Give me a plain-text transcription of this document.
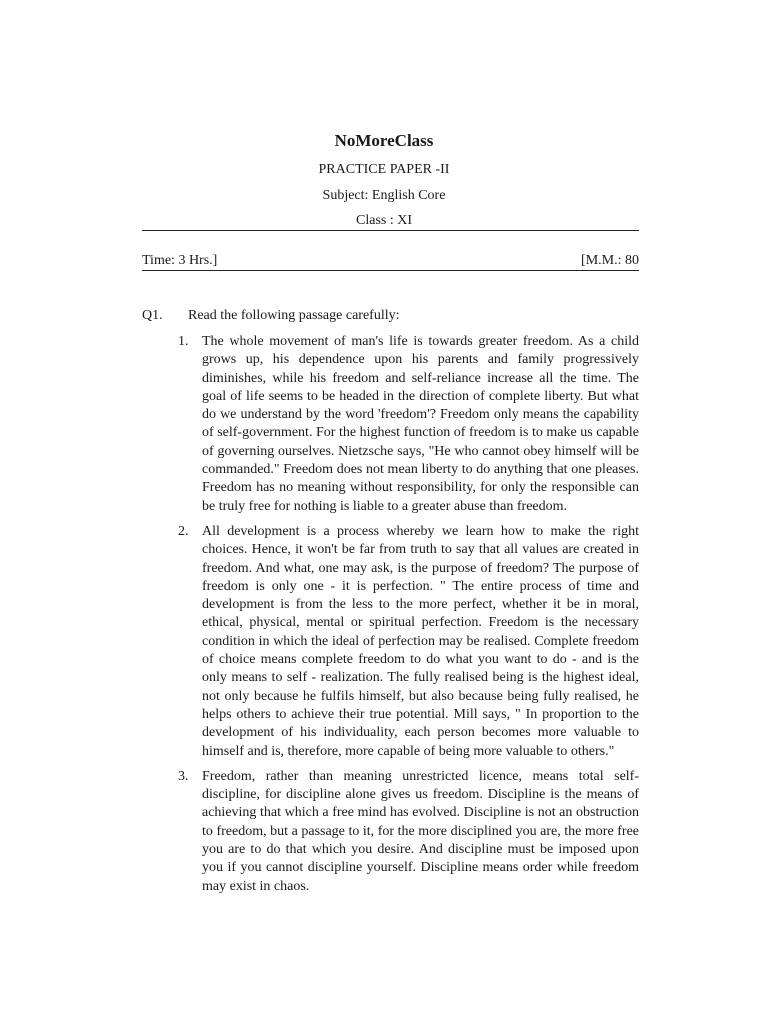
NoMoreClass
PRACTICE PAPER -II
Subject: English Core
Class : XI
Time: 3 Hrs.]	[M.M.: 80
Q1. Read the following passage carefully:
1. The whole movement of man's life is towards greater freedom. As a child grows up, his dependence upon his parents and family progressively diminishes, while his freedom and self-reliance increase all the time. The goal of life seems to be headed in the direction of complete liberty. But what do we understand by the word 'freedom'? Freedom only means the capability of self-government. For the highest function of freedom is to make us capable of governing ourselves. Nietzsche says, "He who cannot obey himself will be commanded." Freedom does not mean liberty to do anything that one pleases. Freedom has no meaning without responsibility, for only the responsible can be truly free for nothing is liable to a greater abuse than freedom.
2. All development is a process whereby we learn how to make the right choices. Hence, it won't be far from truth to say that all values are created in freedom. And what, one may ask, is the purpose of freedom? The purpose of freedom is only one - it is perfection. " The entire process of time and development is from the less to the more perfect, whether it be in moral, ethical, physical, mental or spiritual perfection. Freedom is the necessary condition in which the ideal of perfection may be realised. Complete freedom of choice means complete freedom to do what you want to do - and is the only means to self - realization. The fully realised being is the highest ideal, not only because he fulfils himself, but also because being fully realised, he helps others to achieve their true potential. Mill says, " In proportion to the development of his individuality, each person becomes more valuable to himself and is, therefore, more capable of being more valuable to others."
3. Freedom, rather than meaning unrestricted licence, means total self-discipline, for discipline alone gives us freedom. Discipline is the means of achieving that which a free mind has evolved. Discipline is not an obstruction to freedom, but a passage to it, for the more disciplined you are, the more free you are to do that which you desire. And discipline must be imposed upon you if you cannot discipline yourself. Discipline means order while freedom may exist in chaos.
